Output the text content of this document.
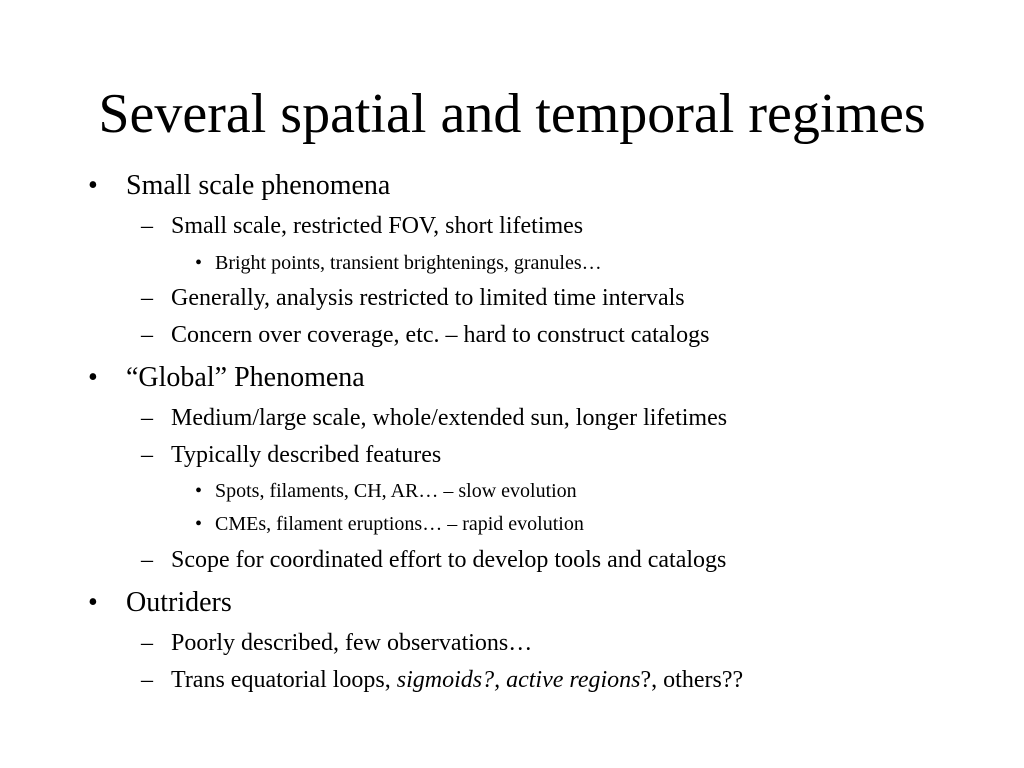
Several spatial and temporal regimes
• Small scale phenomena
– Small scale, restricted FOV, short lifetimes
• Bright points, transient brightenings, granules…
– Generally, analysis restricted to limited time intervals
– Concern over coverage, etc. – hard to construct catalogs
• “Global” Phenomena
– Medium/large scale, whole/extended sun, longer lifetimes
– Typically described features
• Spots, filaments, CH, AR… – slow evolution
• CMEs, filament eruptions… – rapid evolution
– Scope for coordinated effort to develop tools and catalogs
• Outriders
– Poorly described, few observations…
– Trans equatorial loops, sigmoids?, active regions?, others??
